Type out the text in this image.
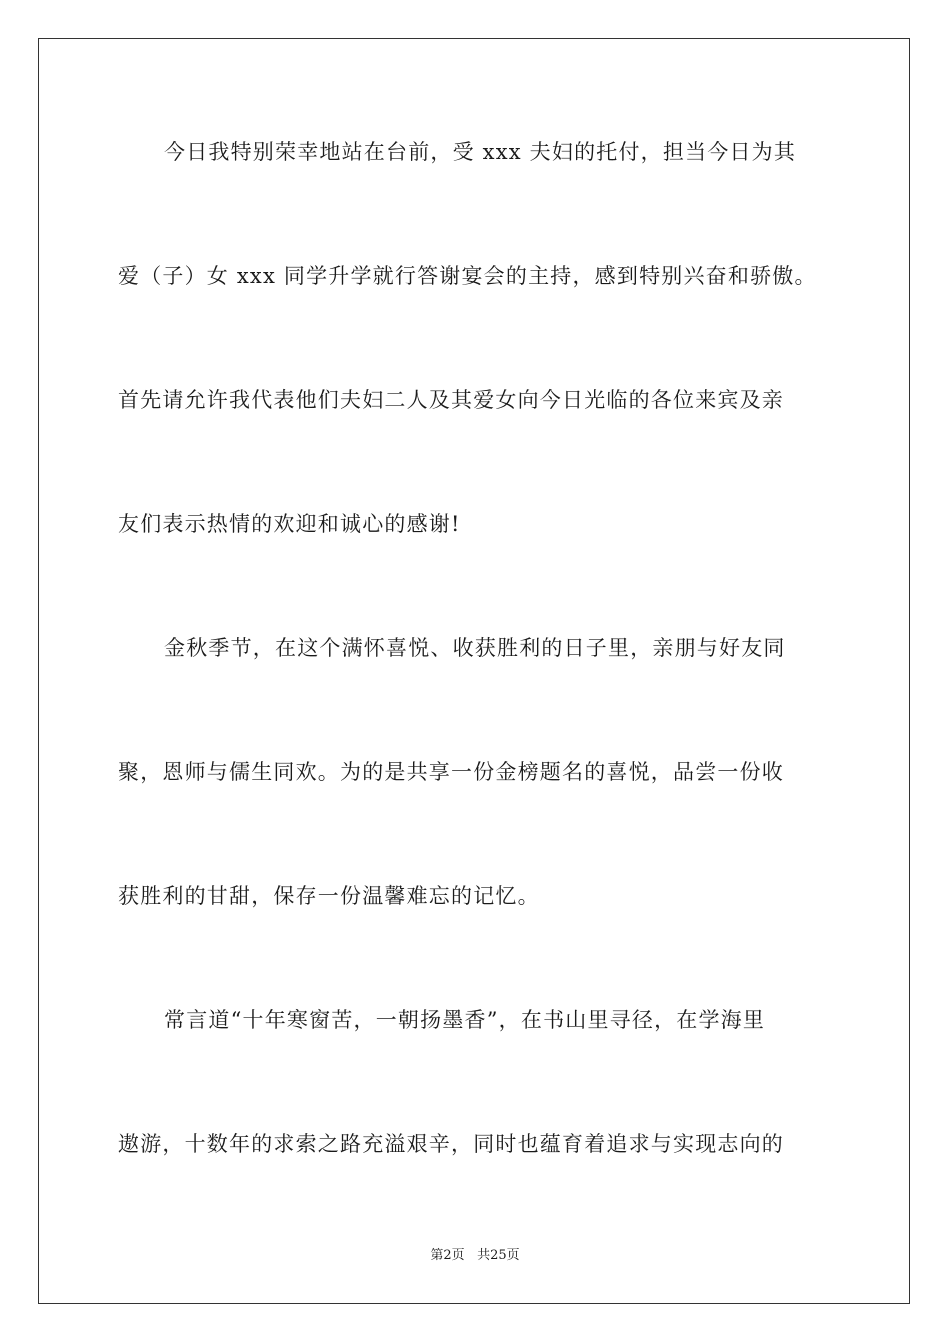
今日我特别荣幸地站在台前，受 xxx 夫妇的托付，担当今日为其
爱（子）女 xxx 同学升学就行答谢宴会的主持，感到特别兴奋和骄傲。
首先请允许我代表他们夫妇二人及其爱女向今日光临的各位来宾及亲
友们表示热情的欢迎和诚心的感谢!
金秋季节，在这个满怀喜悦、收获胜利的日子里，亲朋与好友同
聚，恩师与儒生同欢。为的是共享一份金榜题名的喜悦，品尝一份收
获胜利的甘甜，保存一份温馨难忘的记忆。
常言道“十年寒窗苦，一朝扬墨香”，在书山里寻径，在学海里
遨游，十数年的求索之路充溢艰辛，同时也蕴育着追求与实现志向的
第2页 共25页
